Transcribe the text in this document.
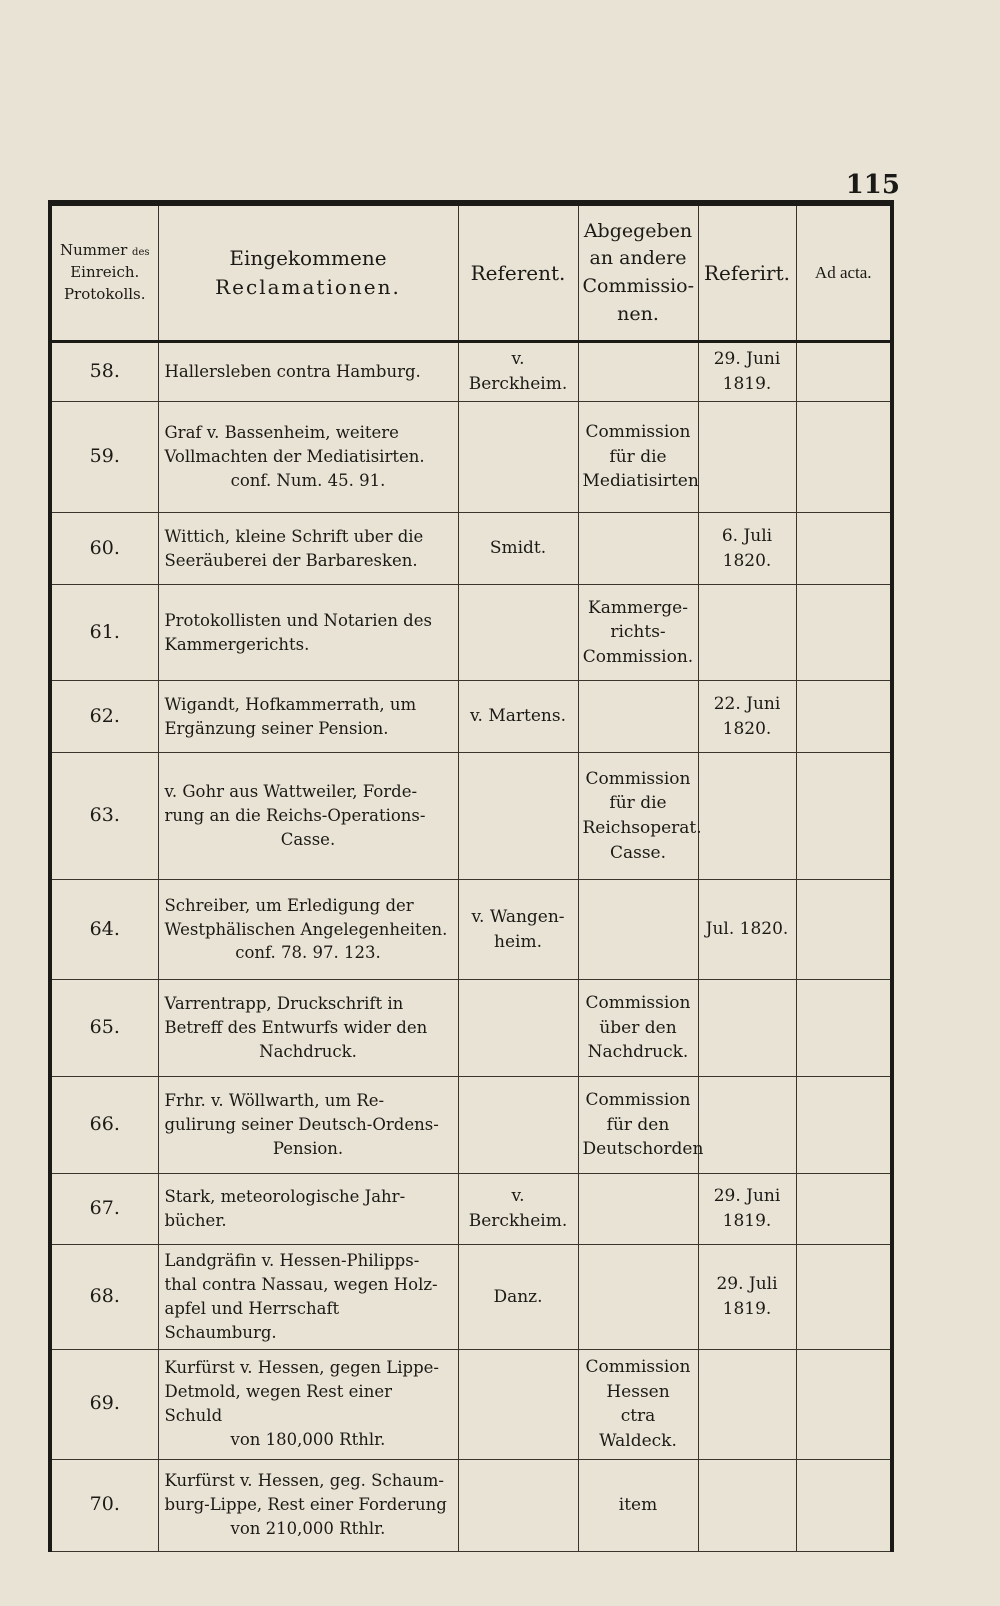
115
Nummer des Einreich. Protokolls.	Eingekommene Reclamationen.	Referent.	Abgegeben an andere Commissio- nen.	Referirt.	Ad acta.
58.	Hallersleben contra Hamburg.	v. Berckheim.		29. Juni
1819.	

59.	Graf v. Bassenheim, weitere
Vollmachten der Mediatisirten.
conf. Num. 45. 91.		Commission
für die
Mediatisirten		

60.	Wittich, kleine Schrift uber die
Seeräuberei der Barbaresken.	Smidt.		6. Juli
1820.	

61.	Protokollisten und Notarien des
Kammergerichts.		Kammerge-
richts-
Commission.		

62.	Wigandt, Hofkammerrath, um
Ergänzung seiner Pension.	v. Martens.		22. Juni
1820.	

63.	v. Gohr aus Wattweiler, Forde-
rung an die Reichs-Operations-
Casse.		Commission
für die
Reichsoperat.
Casse.		

64.	Schreiber, um Erledigung der
Westphälischen Angelegenheiten.
conf. 78. 97. 123.	v. Wangen-
heim.		Jul. 1820.	

65.	Varrentrapp, Druckschrift in
Betreff des Entwurfs wider den
Nachdruck.		Commission
über den
Nachdruck.		

66.	Frhr. v. Wöllwarth, um Re-
gulirung seiner Deutsch-Ordens-
Pension.		Commission
für den
Deutschorden		

67.	Stark, meteorologische Jahr-
bücher.	v. Berckheim.		29. Juni
1819.	

68.	Landgräfin v. Hessen-Philipps-
thal contra Nassau, wegen Holz-
apfel und Herrschaft Schaumburg.	Danz.		29. Juli
1819.	

69.	Kurfürst v. Hessen, gegen Lippe-
Detmold, wegen Rest einer Schuld
von 180,000 Rthlr.		Commission
Hessen
ctra Waldeck.		

70.	Kurfürst v. Hessen, geg. Schaum-
burg-Lippe, Rest einer Forderung
von 210,000 Rthlr.		item		
